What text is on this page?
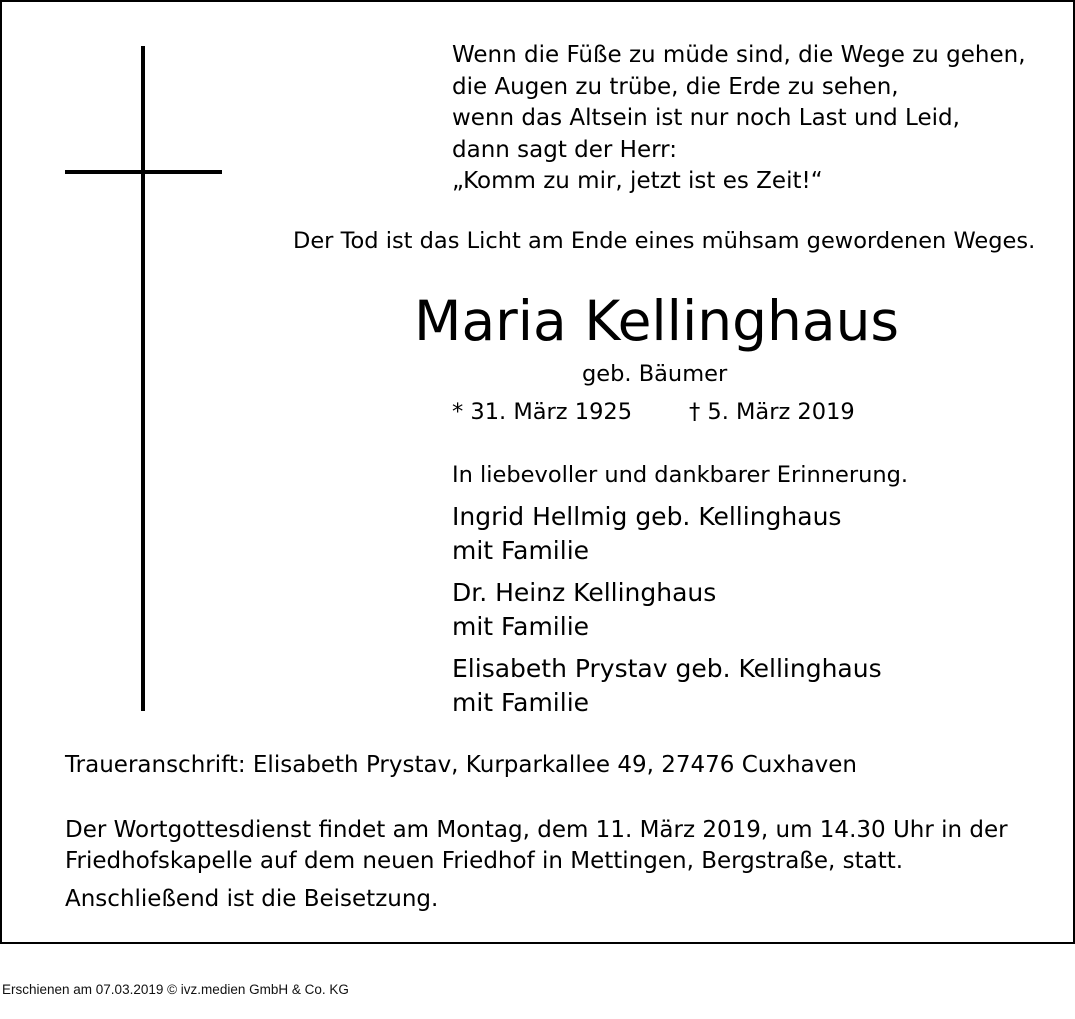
Wenn die Füße zu müde sind, die Wege zu gehen,
die Augen zu trübe, die Erde zu sehen,
wenn das Altsein ist nur noch Last und Leid,
dann sagt der Herr:
„Komm zu mir, jetzt ist es Zeit!“
Der Tod ist das Licht am Ende eines mühsam gewordenen Weges.
Maria Kellinghaus
geb. Bäumer
* 31. März 1925	† 5. März 2019
In liebevoller und dankbarer Erinnerung.
Ingrid Hellmig geb. Kellinghaus
mit Familie
Dr. Heinz Kellinghaus
mit Familie
Elisabeth Prystav geb. Kellinghaus
mit Familie
Traueranschrift: Elisabeth Prystav, Kurparkallee 49, 27476 Cuxhaven
Der Wortgottesdienst findet am Montag, dem 11. März 2019, um 14.30 Uhr in der
Friedhofskapelle auf dem neuen Friedhof in Mettingen, Bergstraße, statt.
Anschließend ist die Beisetzung.
Erschienen am 07.03.2019 © ivz.medien GmbH & Co. KG
